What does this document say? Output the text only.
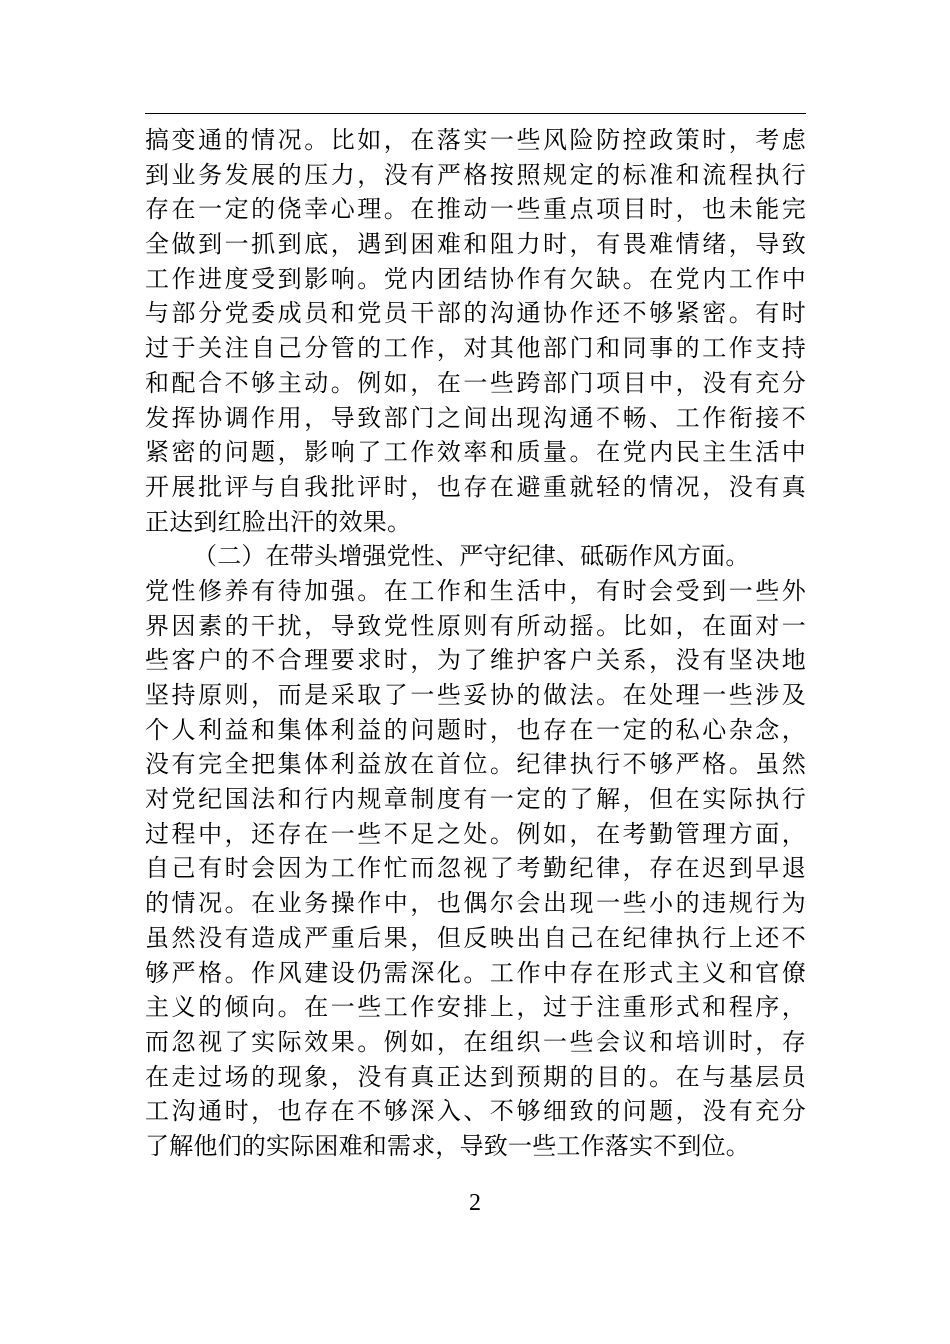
搞变通的情况。比如，在落实一些风险防控政策时，考虑
到业务发展的压力，没有严格按照规定的标准和流程执行
存在一定的侥幸心理。在推动一些重点项目时，也未能完
全做到一抓到底，遇到困难和阻力时，有畏难情绪，导致
工作进度受到影响。党内团结协作有欠缺。在党内工作中
与部分党委成员和党员干部的沟通协作还不够紧密。有时
过于关注自己分管的工作，对其他部门和同事的工作支持
和配合不够主动。例如，在一些跨部门项目中，没有充分
发挥协调作用，导致部门之间出现沟通不畅、工作衔接不
紧密的问题，影响了工作效率和质量。在党内民主生活中
开展批评与自我批评时，也存在避重就轻的情况，没有真
正达到红脸出汗的效果。
（二）在带头增强党性、严守纪律、砥砺作风方面。
党性修养有待加强。在工作和生活中，有时会受到一些外
界因素的干扰，导致党性原则有所动摇。比如，在面对一
些客户的不合理要求时，为了维护客户关系，没有坚决地
坚持原则，而是采取了一些妥协的做法。在处理一些涉及
个人利益和集体利益的问题时，也存在一定的私心杂念，
没有完全把集体利益放在首位。纪律执行不够严格。虽然
对党纪国法和行内规章制度有一定的了解，但在实际执行
过程中，还存在一些不足之处。例如，在考勤管理方面，
自己有时会因为工作忙而忽视了考勤纪律，存在迟到早退
的情况。在业务操作中，也偶尔会出现一些小的违规行为
虽然没有造成严重后果，但反映出自己在纪律执行上还不
够严格。作风建设仍需深化。工作中存在形式主义和官僚
主义的倾向。在一些工作安排上，过于注重形式和程序，
而忽视了实际效果。例如，在组织一些会议和培训时，存
在走过场的现象，没有真正达到预期的目的。在与基层员
工沟通时，也存在不够深入、不够细致的问题，没有充分
了解他们的实际困难和需求，导致一些工作落实不到位。
2
